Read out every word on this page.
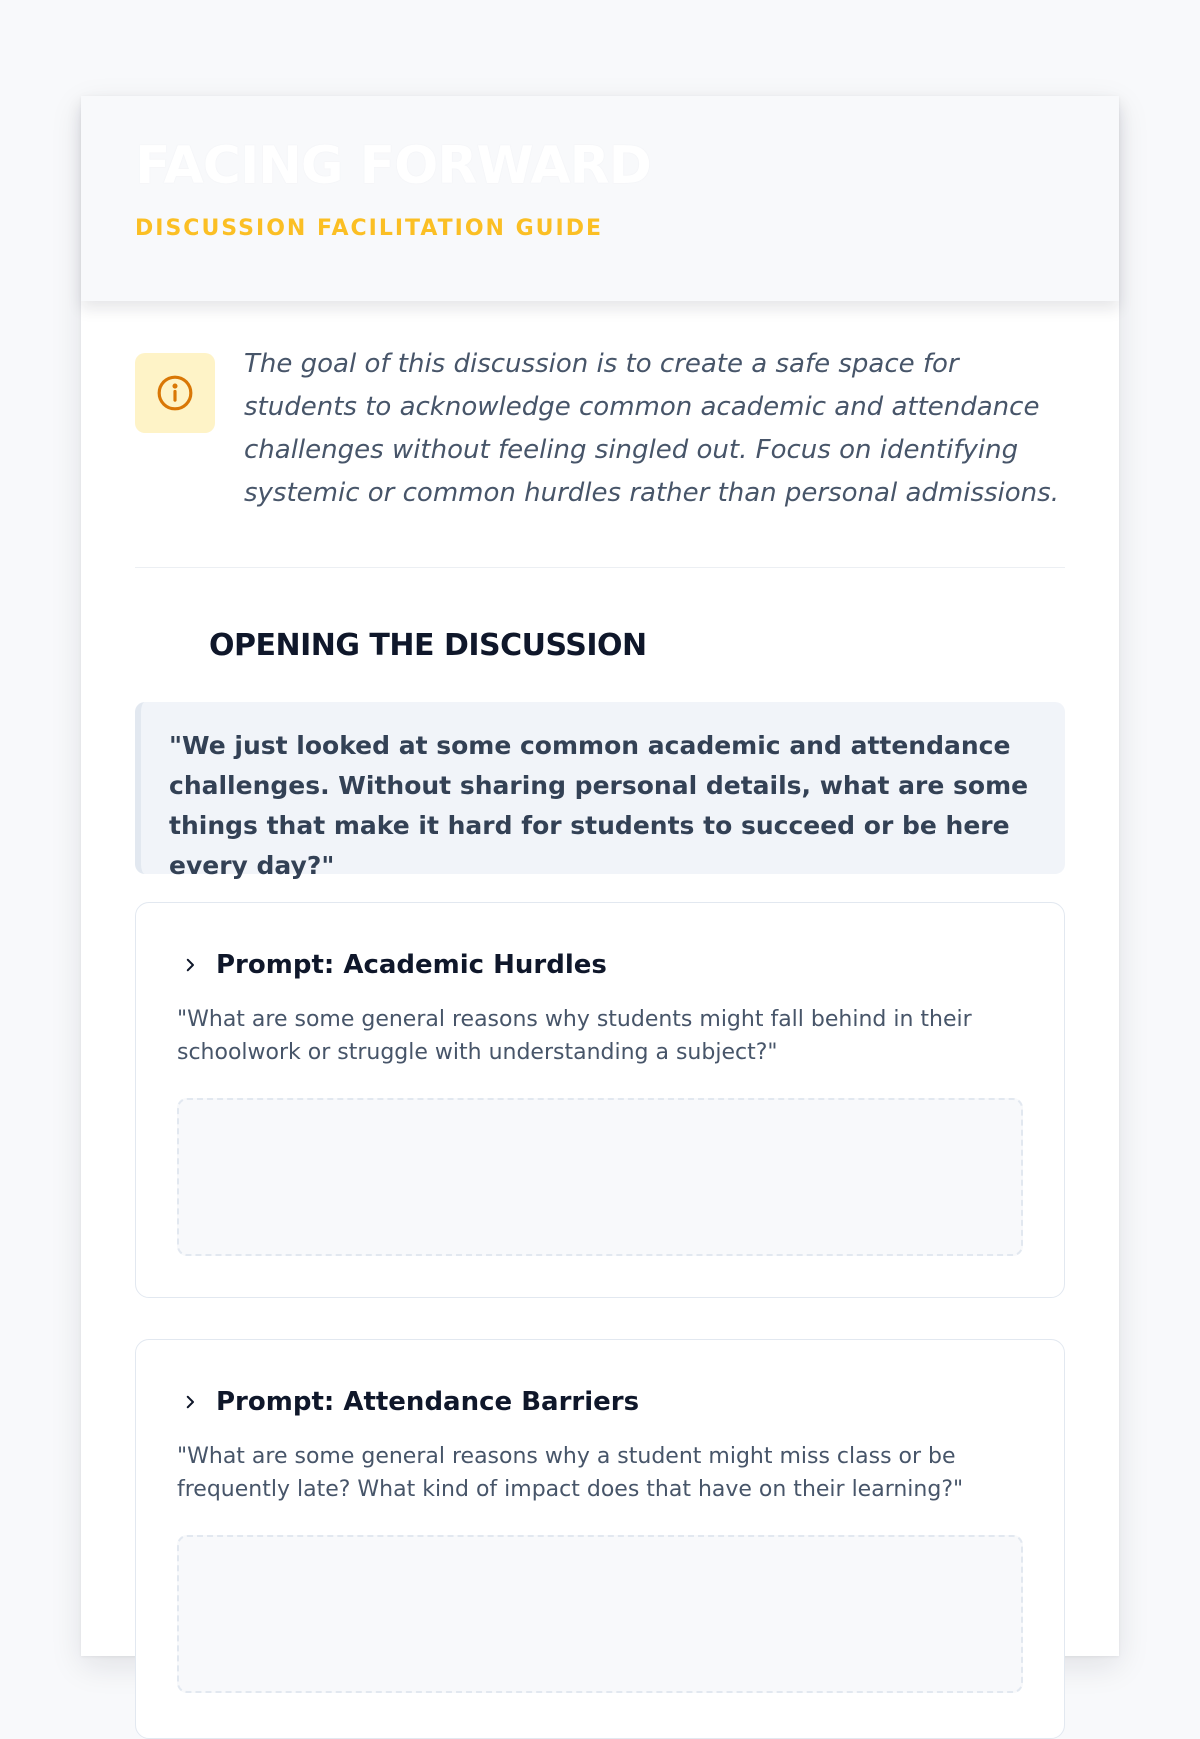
FACING FORWARD

DISCUSSION FACILITATION GUIDE

The goal of this discussion is to create a safe space for students to acknowledge common academic and attendance challenges without feeling singled out. Focus on identifying systemic or common hurdles rather than personal admissions.

OPENING THE DISCUSSION

"We just looked at some common academic and attendance challenges. Without sharing personal details, what are some things that make it hard for students to succeed or be here every day?"

Prompt: Academic Hurdles

"What are some general reasons why students might fall behind in their schoolwork or struggle with understanding a subject?"

Prompt: Attendance Barriers

"What are some general reasons why a student might miss class or be frequently late? What kind of impact does that have on their learning?"
